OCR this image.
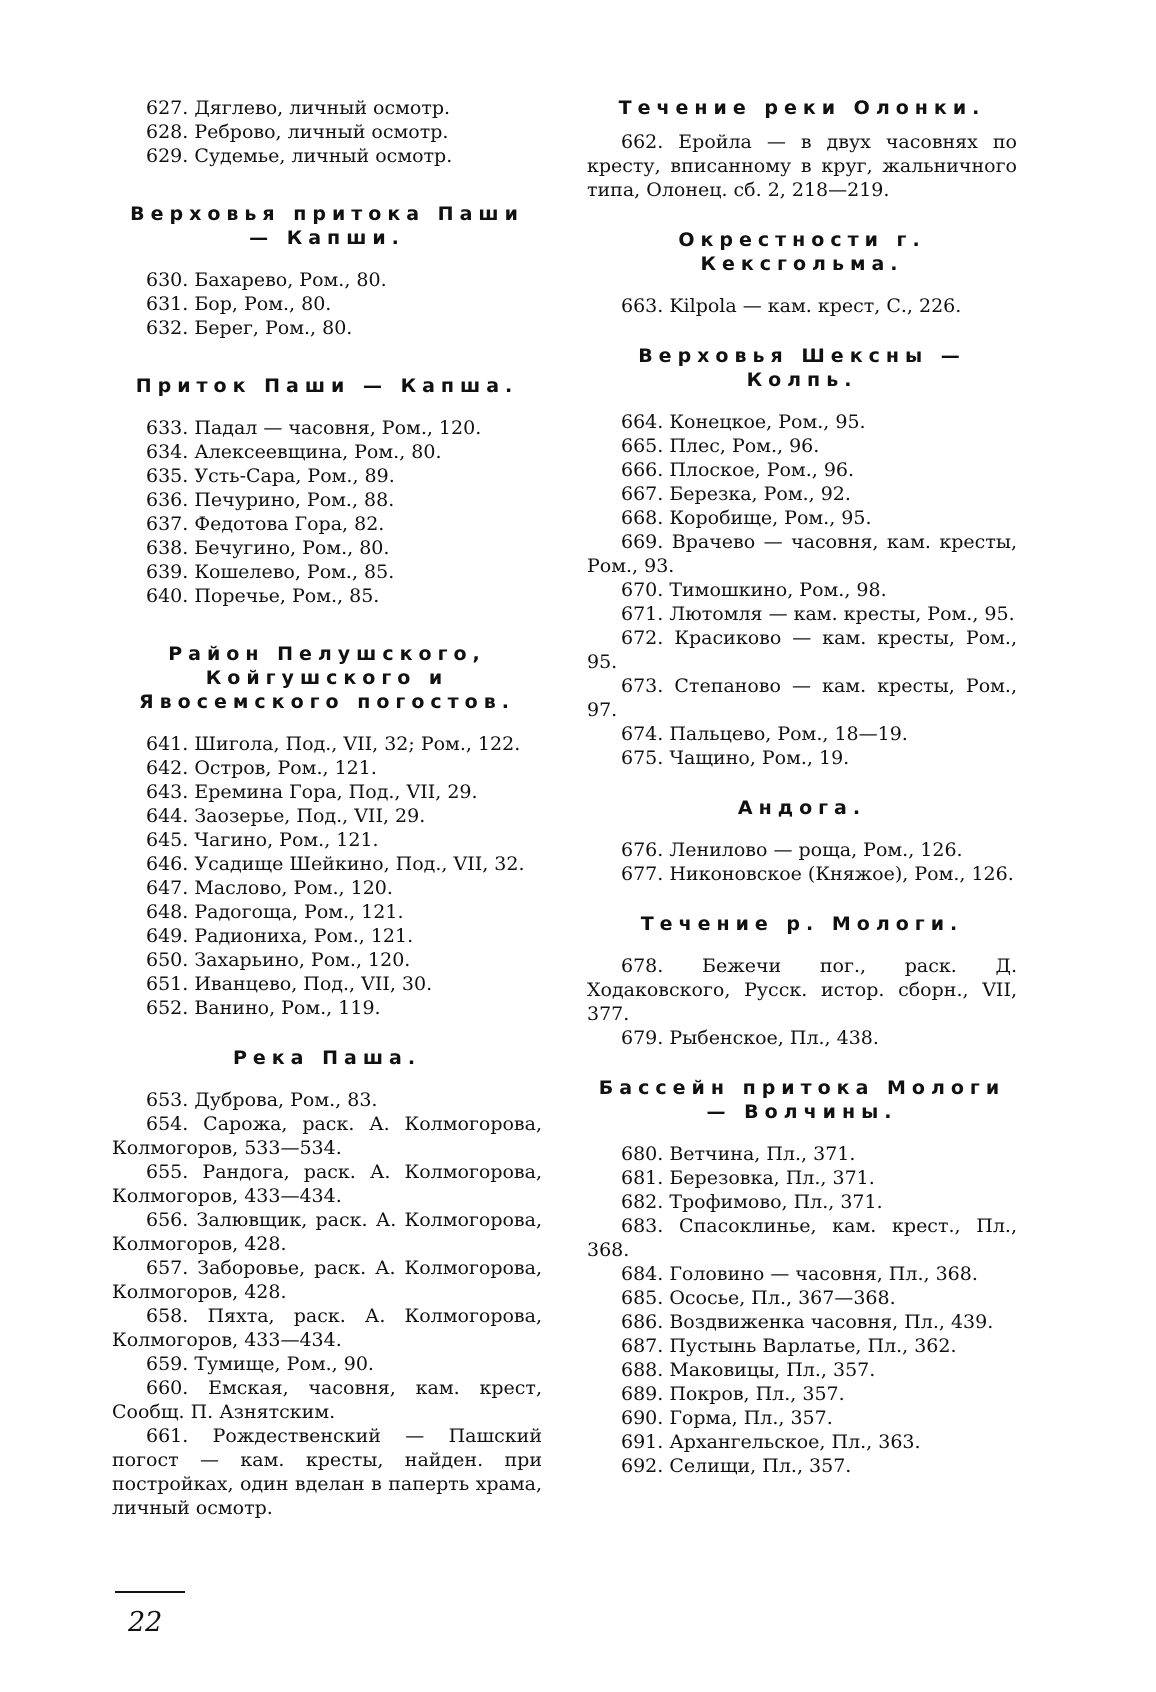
627. Дяглево, личный осмотр.

628. Реброво, личный осмотр.

629. Судемье, личный осмотр.

Верховья притока Паши — Капши.

630. Бахарево, Ром., 80.

631. Бор, Ром., 80.

632. Берег, Ром., 80.

Приток Паши — Капша.

633. Падал — часовня, Ром., 120.

634. Алексеевщина, Ром., 80.

635. Усть-Сара, Ром., 89.

636. Печурино, Ром., 88.

637. Федотова Гора, 82.

638. Бечугино, Ром., 80.

639. Кошелево, Ром., 85.

640. Поречье, Ром., 85.

Район Пелушского, Койгушского и Явосемского погостов.

641. Шигола, Под., VII, 32; Ром., 122.

642. Остров, Ром., 121.

643. Еремина Гора, Под., VII, 29.

644. Заозерье, Под., VII, 29.

645. Чагино, Ром., 121.

646. Усадище Шейкино, Под., VII, 32.

647. Маслово, Ром., 120.

648. Радогоща, Ром., 121.

649. Радиониха, Ром., 121.

650. Захарьино, Ром., 120.

651. Иванцево, Под., VII, 30.

652. Ванино, Ром., 119.

Река Паша.

653. Дуброва, Ром., 83.

654. Сарожа, раск. А. Колмогорова, Колмогоров, 533—534.

655. Рандога, раск. А. Колмогорова, Колмогоров, 433—434.

656. Залювщик, раск. А. Колмогорова, Колмогоров, 428.

657. Заборовье, раск. А. Колмогорова, Колмогоров, 428.

658. Пяхта, раск. А. Колмогорова, Колмогоров, 433—434.

659. Тумище, Ром., 90.

660. Емская, часовня, кам. крест, Сообщ. П. Азнятским.

661. Рождественский — Пашский погост — кам. кресты, найден. при постройках, один вделан в паперть храма, личный осмотр.

Течение реки Олонки.

662. Еройла — в двух часовнях по кресту, вписанному в круг, жальничного типа, Олонец. сб. 2, 218—219.

Окрестности г. Кексгольма.

663. Kilpola — кам. крест, С., 226.

Верховья Шексны — Колпь.

664. Конецкое, Ром., 95.

665. Плес, Ром., 96.

666. Плоское, Ром., 96.

667. Березка, Ром., 92.

668. Коробище, Ром., 95.

669. Врачево — часовня, кам. кресты, Ром., 93.

670. Тимошкино, Ром., 98.

671. Лютомля — кам. кресты, Ром., 95.

672. Красиково — кам. кресты, Ром., 95.

673. Степаново — кам. кресты, Ром., 97.

674. Пальцево, Ром., 18—19.

675. Чащино, Ром., 19.

Андога.

676. Ленилово — роща, Ром., 126.

677. Никоновское (Княжое), Ром., 126.

Течение р. Мологи.

678. Бежечи пог., раск. Д. Ходаковского, Русск. истор. сборн., VII, 377.

679. Рыбенское, Пл., 438.

Бассейн притока Мологи — Волчины.

680. Ветчина, Пл., 371.

681. Березовка, Пл., 371.

682. Трофимово, Пл., 371.

683. Спасоклинье, кам. крест., Пл., 368.

684. Головино — часовня, Пл., 368.

685. Ососье, Пл., 367—368.

686. Воздвиженка часовня, Пл., 439.

687. Пустынь Варлатье, Пл., 362.

688. Маковицы, Пл., 357.

689. Покров, Пл., 357.

690. Горма, Пл., 357.

691. Архангельское, Пл., 363.

692. Селищи, Пл., 357.

22
